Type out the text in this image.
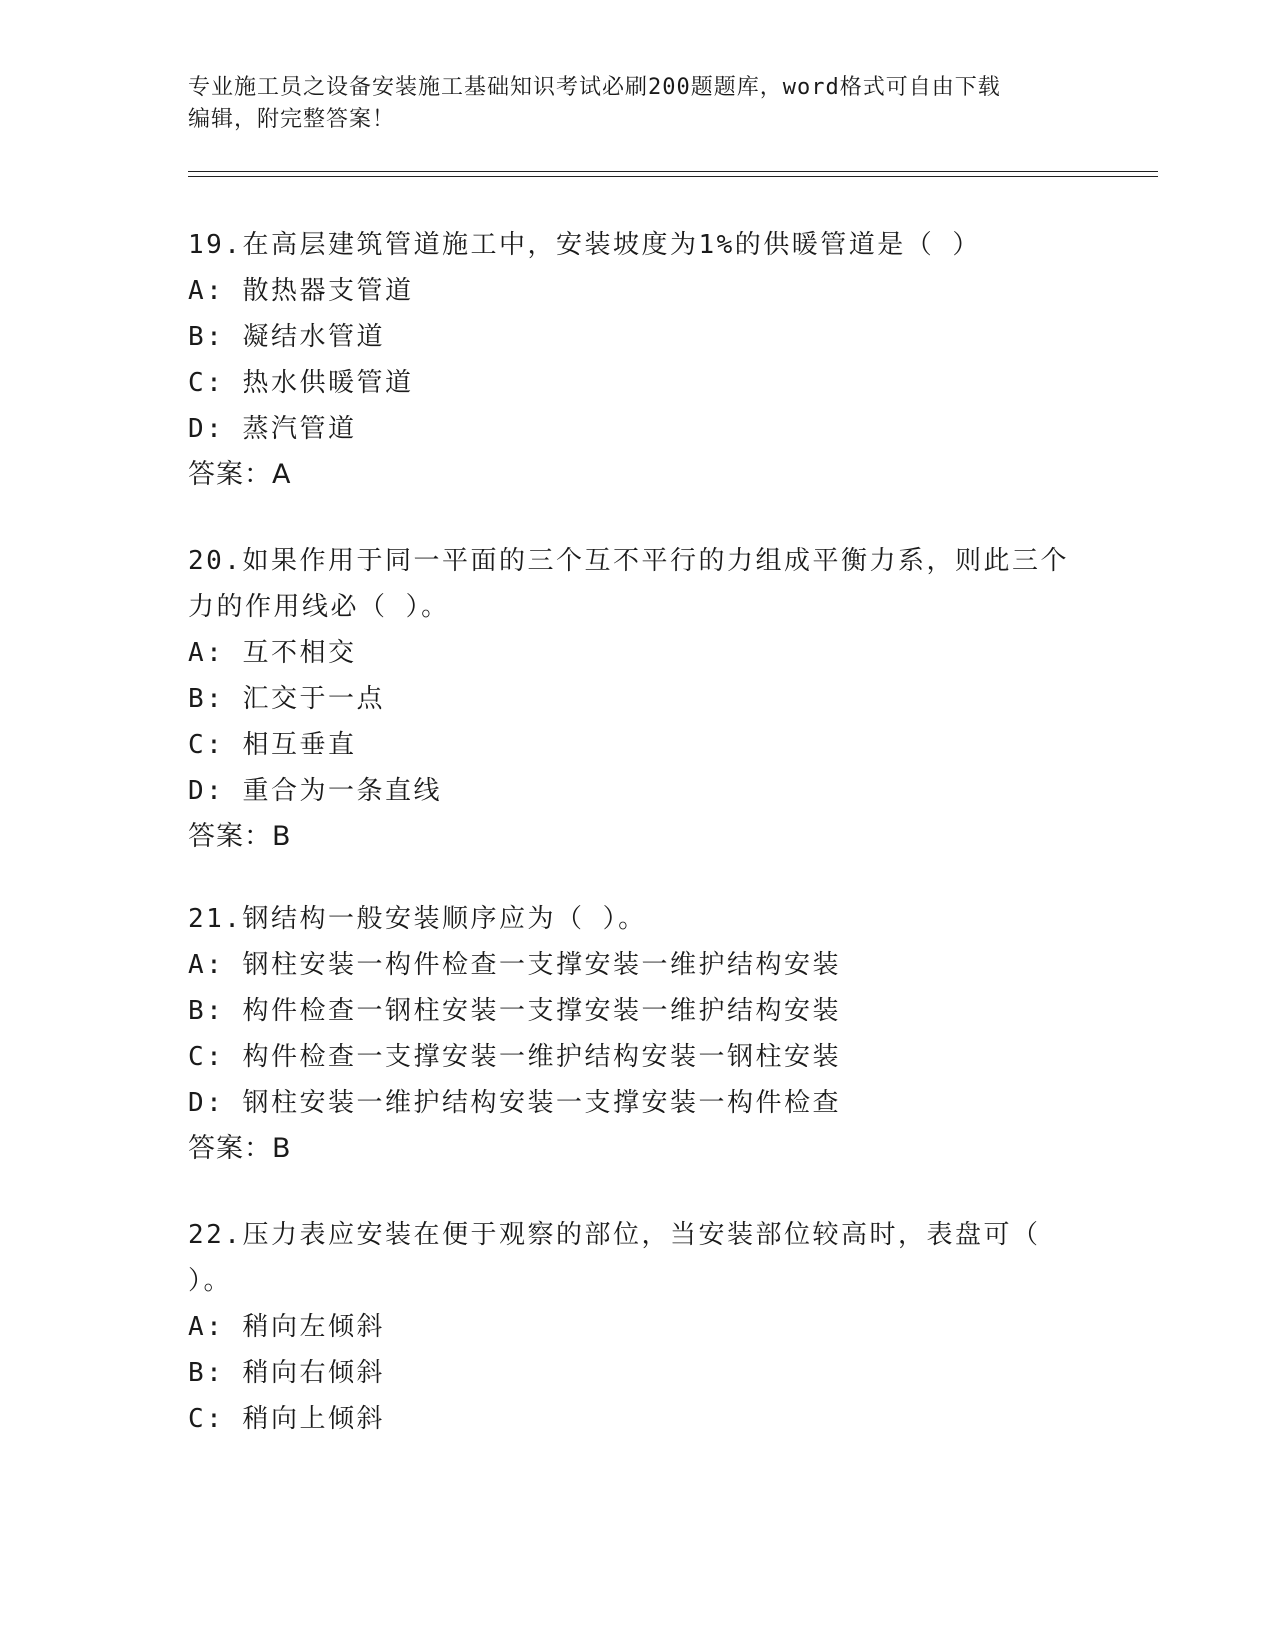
专业施工员之设备安装施工基础知识考试必刷200题题库，word格式可自由下载
编辑，附完整答案！
19.在高层建筑管道施工中，安装坡度为1%的供暖管道是（ ）
A: 散热器支管道
B: 凝结水管道
C: 热水供暖管道
D: 蒸汽管道
答案：A
20.如果作用于同一平面的三个互不平行的力组成平衡力系，则此三个
力的作用线必（ ）。
A: 互不相交
B: 汇交于一点
C: 相互垂直
D: 重合为一条直线
答案：B
21.钢结构一般安装顺序应为（ ）。
A: 钢柱安装一构件检查一支撑安装一维护结构安装
B: 构件检查一钢柱安装一支撑安装一维护结构安装
C: 构件检查一支撑安装一维护结构安装一钢柱安装
D: 钢柱安装一维护结构安装一支撑安装一构件检查
答案：B
22.压力表应安装在便于观察的部位，当安装部位较高时，表盘可（
）。
A: 稍向左倾斜
B: 稍向右倾斜
C: 稍向上倾斜
